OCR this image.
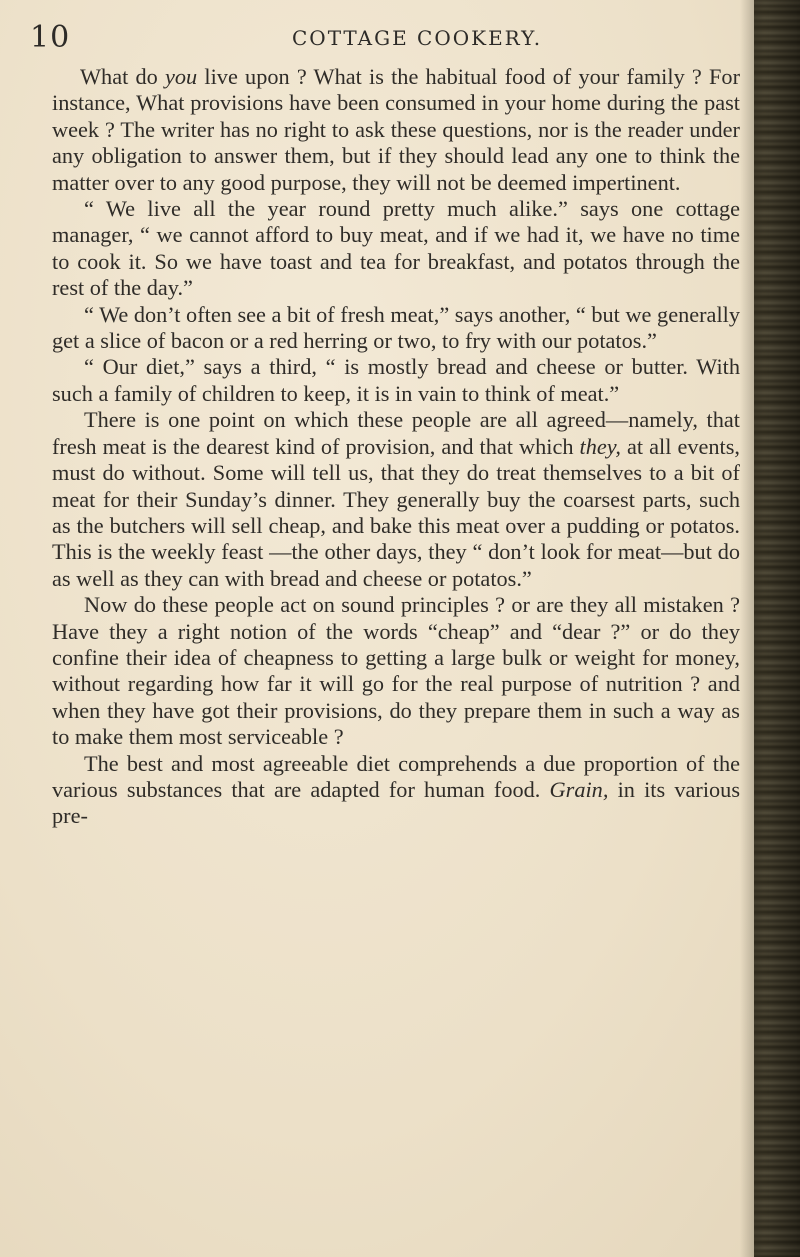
10	COTTAGE COOKERY.

What do you live upon ? What is the habitual food of your family ? For instance, What provisions have been consumed in your home during the past week ? The writer has no right to ask these questions, nor is the reader under any obligation to answer them, but if they should lead any one to think the matter over to any good purpose, they will not be deemed impertinent.

“ We live all the year round pretty much alike.” says one cottage manager, “ we cannot afford to buy meat, and if we had it, we have no time to cook it. So we have toast and tea for breakfast, and potatos through the rest of the day.”

“ We don’t often see a bit of fresh meat,” says another, “ but we generally get a slice of bacon or a red herring or two, to fry with our potatos.”

“ Our diet,” says a third, “ is mostly bread and cheese or butter. With such a family of children to keep, it is in vain to think of meat.”

There is one point on which these people are all agreed—namely, that fresh meat is the dearest kind of provision, and that which they, at all events, must do without. Some will tell us, that they do treat themselves to a bit of meat for their Sunday’s dinner. They generally buy the coarsest parts, such as the butchers will sell cheap, and bake this meat over a pudding or potatos. This is the weekly feast —the other days, they “ don’t look for meat—but do as well as they can with bread and cheese or potatos.”

Now do these people act on sound principles ? or are they all mistaken ? Have they a right notion of the words “cheap” and “dear ?” or do they confine their idea of cheapness to getting a large bulk or weight for money, without regarding how far it will go for the real purpose of nutrition ? and when they have got their provisions, do they prepare them in such a way as to make them most serviceable ?

The best and most agreeable diet comprehends a due proportion of the various substances that are adapted for human food. Grain, in its various pre-
